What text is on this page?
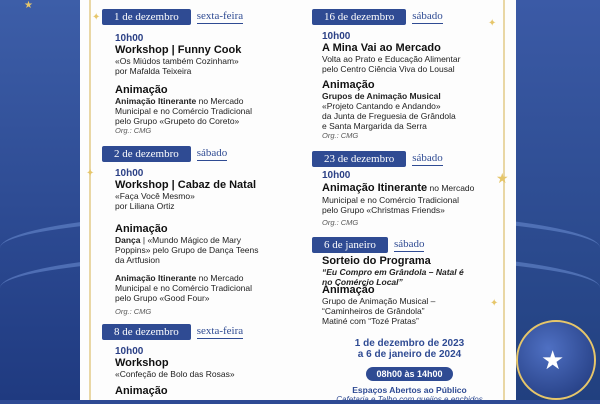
★
✦
✦
✦
★
✦
1 de dezembro	sexta-feira
10h00
Workshop | Funny Cook
«Os Miúdos também Cozinham»
por Mafalda Teixeira
Animação
Animação Itinerante no Mercado
Municipal e no Comércio Tradicional
pelo Grupo «Grupeto do Coreto»
Org.: CMG
2 de dezembro	sábado
10h00
Workshop | Cabaz de Natal
«Faça Você Mesmo»
por Liliana Ortiz
Animação
Dança | «Mundo Mágico de Mary
Poppins» pelo Grupo de Dança Teens
da Artfusion
Animação Itinerante no Mercado
Municipal e no Comércio Tradicional
pelo Grupo «Good Four»
Org.: CMG
8 de dezembro	sexta-feira
10h00
Workshop
«Confeção de Bolo das Rosas»
Animação
16 de dezembro	sábado
10h00
A Mina Vai ao Mercado
Volta ao Prato e Educação Alimentar
pelo Centro Ciência Viva do Lousal
Animação
Grupos de Animação Musical
«Projeto Cantando e Andando»
da Junta de Freguesia de Grândola
e Santa Margarida da Serra
Org.: CMG
23 de dezembro	sábado
10h00
Animação Itinerante no Mercado
Municipal e no Comércio Tradicional
pelo Grupo «Christmas Friends»
Org.: CMG
6 de janeiro	sábado
Sorteio do Programa
“Eu Compro em Grândola – Natal é
no Comércio Local”
Animação
Grupo de Animação Musical –
“Caminheiros de Grândola”
Matiné com “Tozé Pratas”
1 de dezembro de 2023
a 6 de janeiro de 2024
08h00 às 14h00
Espaços Abertos ao Público
Cafetaria e Talho com queijos e enchidos
★
